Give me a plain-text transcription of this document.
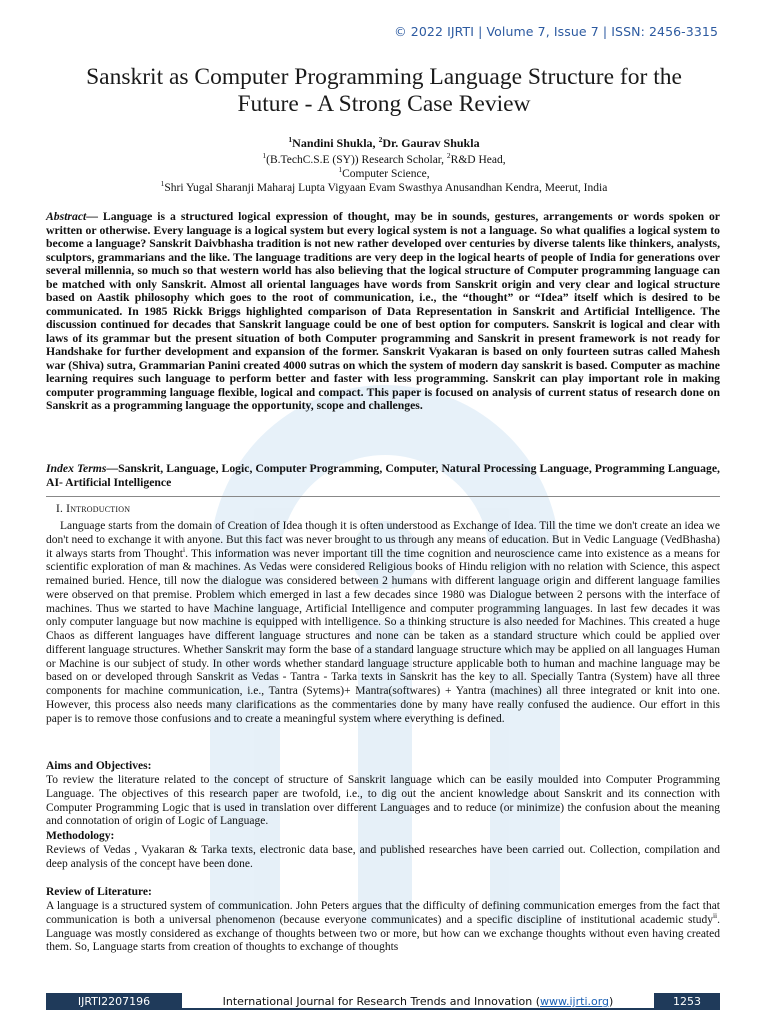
© 2022 IJRTI | Volume 7, Issue 7 | ISSN: 2456-3315
Sanskrit as Computer Programming Language Structure for the
Future - A Strong Case Review
$^1$Nandini Shukla, $^2$Dr. Gaurav Shukla
$^1$(B.TechC.S.E (SY)) Research Scholar, $^2$R&D Head,
$^1$Computer Science,
$^1$Shri Yugal Sharanji Maharaj Lupta Vigyaan Evam Swasthya Anusandhan Kendra, Meerut, India

Abstract— Language is a structured logical expression of thought, may be in sounds, gestures, arrangements or words spoken or written or otherwise. Every language is a logical system but every logical system is not a language. So what qualifies a logical system to become a language? Sanskrit Daivbhasha tradition is not new rather developed over centuries by diverse talents like thinkers, analysts, sculptors, grammarians and the like. The language traditions are very deep in the logical hearts of people of India for generations over several millennia, so much so that western world has also believing that the logical structure of Computer programming language can be matched with only Sanskrit. Almost all oriental languages have words from Sanskrit origin and very clear and logical structure based on Aastik philosophy which goes to the root of communication, i.e., the “thought” or “Idea” itself which is desired to be communicated. In 1985 Rickk Briggs highlighted comparison of Data Representation in Sanskrit and Artificial Intelligence. The discussion continued for decades that Sanskrit language could be one of best option for computers. Sanskrit is logical and clear with laws of its grammar but the present situation of both Computer programming and Sanskrit in present framework is not ready for Handshake for further development and expansion of the former. Sanskrit Vyakaran is based on only fourteen sutras called Mahesh war (Shiva) sutra, Grammarian Panini created 4000 sutras on which the system of modern day sanskrit is based. Computer as machine learning requires such language to perform better and faster with less programming. Sanskrit can play important role in making computer programming language flexible, logical and compact. This paper is focused on analysis of current status of research done on Sanskrit as a programming language the opportunity, scope and challenges.

Index Terms—Sanskrit, Language, Logic, Computer Programming, Computer, Natural Processing Language, Programming Language, AI- Artificial Intelligence

I. Introduction

Language starts from the domain of Creation of Idea though it is often understood as Exchange of Idea. Till the time we don't create an idea we don't need to exchange it with anyone. But this fact was never brought to us through any means of education. But in Vedic Language (VedBhasha) it always starts from Thought$^i$. This information was never important till the time cognition and neuroscience came into existence as a means for scientific exploration of man & machines. As Vedas were considered Religious books of Hindu religion with no relation with Science, this aspect remained buried. Hence, till now the dialogue was considered between 2 humans with different language origin and different language families were observed on that premise. Problem which emerged in last a few decades since 1980 was Dialogue between 2 persons with the interface of machines. Thus we started to have Machine language, Artificial Intelligence and computer programming languages. In last few decades it was only computer language but now machine is equipped with intelligence. So a thinking structure is also needed for Machines. This created a huge Chaos as different languages have different language structures and none can be taken as a standard structure which could be applied over different language structures. Whether Sanskrit may form the base of a standard language structure which may be applied on all languages Human or Machine is our subject of study. In other words whether standard language structure applicable both to human and machine language may be based on or developed through Sanskrit as Vedas - Tantra - Tarka texts in Sanskrit has the key to all. Specially Tantra (System) have all three components for machine communication, i.e., Tantra (Sytems)+ Mantra(softwares) + Yantra (machines) all three integrated or knit into one. However, this process also needs many clarifications as the commentaries done by many have really confused the audience. Our effort in this paper is to remove those confusions and to create a meaningful system where everything is defined.

Aims and Objectives:

To review the literature related to the concept of structure of Sanskrit language which can be easily moulded into Computer Programming Language. The objectives of this research paper are twofold, i.e., to dig out the ancient knowledge about Sanskrit and its connection with Computer Programming Logic that is used in translation over different Languages and to reduce (or minimize) the confusion about the meaning and connotation of origin of Logic of Language.

Methodology:

Reviews of Vedas , Vyakaran & Tarka texts, electronic data base, and published researches have been carried out. Collection, compilation and deep analysis of the concept have been done.

Review of Literature:

A language is a structured system of communication. John Peters argues that the difficulty of defining communication emerges from the fact that communication is both a universal phenomenon (because everyone communicates) and a specific discipline of institutional academic study$^{ii}$. Language was mostly considered as exchange of thoughts between two or more, but how can we exchange thoughts without even having created them. So, Language starts from creation of thoughts to exchange of thoughts

IJRTI2207196	International Journal for Research Trends and Innovation (www.ijrti.org)	1253
